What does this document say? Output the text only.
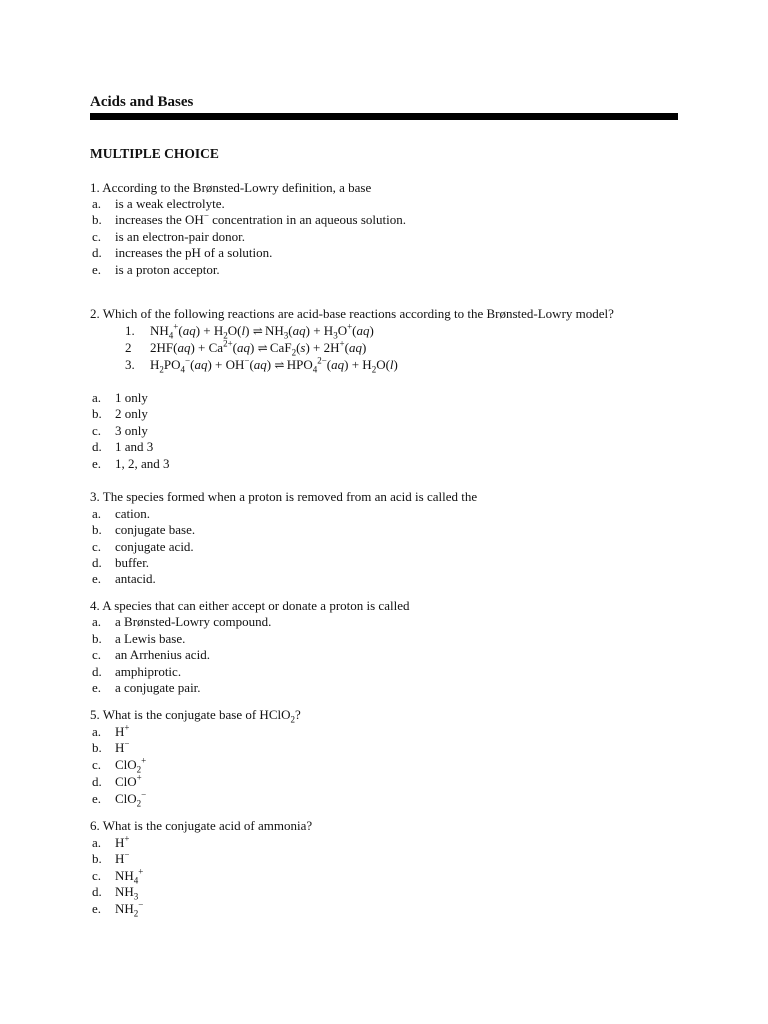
Acids and Bases
MULTIPLE CHOICE
1. According to the Brønsted-Lowry definition, a base
a.	is a weak electrolyte.
b.	increases the OH− concentration in an aqueous solution.
c.	is an electron-pair donor.
d.	increases the pH of a solution.
e.	is a proton acceptor.
2. Which of the following reactions are acid-base reactions according to the Brønsted-Lowry model?
1. $NH_4^+(aq) + H_2O(l)$ ⇌ $NH_3(aq) + H_3O^+(aq)$
2 $2HF(aq) + Ca^{2+}(aq)$ ⇌ CaF$_2$(s) + 2H+(aq)
3. $H_2PO_4^-(aq) + OH^-(aq)$ ⇌ $HPO_4^{2-}(aq) + H_2O(l)$
a.	1 only
b.	2 only
c.	3 only
d.	1 and 3
e.	1, 2, and 3
3. The species formed when a proton is removed from an acid is called the
a.	cation.
b.	conjugate base.
c.	conjugate acid.
d.	buffer.
e.	antacid.
4. A species that can either accept or donate a proton is called
a.	a Brønsted-Lowry compound.
b.	a Lewis base.
c.	an Arrhenius acid.
d.	amphiprotic.
e.	a conjugate pair.
5. What is the conjugate base of HClO$_2$?
a.	H+
b.	H−
c.	ClO$_2$+
d.	ClO+
e.	ClO$_2$−
6. What is the conjugate acid of ammonia?
a.	H+
b.	H−
c.	$NH_4^+$
d.	$NH_3$
e.	$NH_2^-$
